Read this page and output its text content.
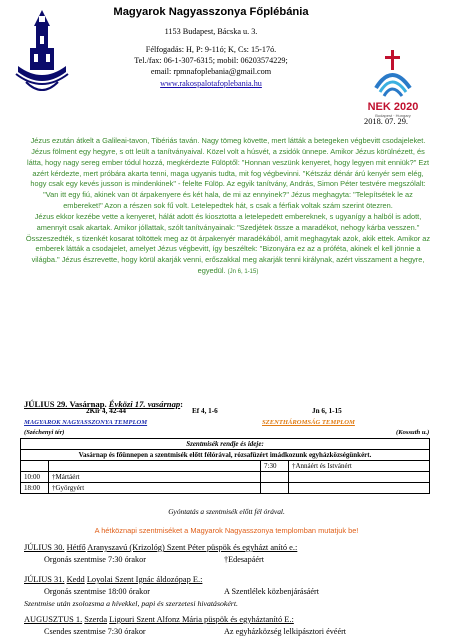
Magyarok Nagyasszonya Főplébánia
1153 Budapest, Bácska u. 3.
Félfogadás: H, P: 9-11ó; K, Cs: 15-17ó.
Tel./fax: 06-1-307-6315; mobil: 06203574229;
email: rpmnafoplebania@gmail.com
www.rakospalotafoplebania.hu
NEK 2020
Budapest · Hungary
2018. 07. 29.
Jézus ezután átkelt a Galileai-tavon, Tibériás taván. Nagy tömeg követte, mert látták a betegeken végbevitt csodajeleket. Jézus fölment egy hegyre, s ott leült a tanítványaival. Közel volt a húsvét, a zsidók ünnepe. Amikor Jézus körülnézett, és látta, hogy nagy sereg ember tódul hozzá, megkérdezte Fülöptől: "Honnan veszünk kenyeret, hogy legyen mit enniük?" Ezt azért kérdezte, mert próbára akarta tenni, maga ugyanis tudta, mit fog végbevinni. "Kétszáz dénár árú kenyér sem elég, hogy csak egy kevés jusson is mindenkinek" - felelte Fülöp. Az egyik tanítvány, András, Simon Péter testvére megszólalt: "Van itt egy fiú, akinek van öt árpakenyere és két hala, de mi az ennyinek?" Jézus meghagyta: "Telepítsétek le az embereket!" Azon a részen sok fű volt. Letelepedtek hát, s csak a férfiak voltak szám szerint ötezren.
Jézus ekkor kezébe vette a kenyeret, hálát adott és kiosztotta a letelepedett embereknek, s ugyanígy a halból is adott, amennyit csak akartak. Amikor jóllattak, szólt tanítványainak: "Szedjétek össze a maradékot, nehogy kárba vesszen." Összeszedték, s tizenkét kosarat töltöttek meg az öt árpakenyér maradékából, amit meghagytak azok, akik ettek. Amikor az emberek látták a csodajelet, amelyet Jézus végbevitt, így beszéltek: "Bizonyára ez az a próféta, akinek el kell jönnie a világba." Jézus észrevette, hogy körül akarják venni, erőszakkal meg akarják tenni királynak, azért visszament a hegyre, egyedül. (Jn 6, 1-15)
JÚLIUS 29. Vasárnap. Évközi 17. vasárnap:
2Kir 4, 42-44	Ef 4, 1-6	Jn 6, 1-15
MAGYAROK NAGYASSZONYA TEMPLOM	SZENTHÁROMSÁG TEMPLOM
(Széchenyi tér)	(Kossuth u.)
Szentmisék rendje és ideje:			
Vasárnap és főünnepen a szentmisék előtt félórával, rózsafüzért imádkozunk egyházközségünkért.			
		7:30	†Annáért és Istvánért
10:00	†Mártáért		
18:00	†Györgyért		
Gyóntatás a szentmisék előtt fél órával.
A hétköznapi szentmiséket a Magyarok Nagyasszonya templomban mutatjuk be!
JÚLIUS 30. Hétfő Aranyszavú (Krizológ) Szent Péter püspök és egyházt anító e.:
Orgonás szentmise 7:30 órakor	†Edesapáért
JÚLIUS 31. Kedd Loyolai Szent Ignác áldozópap E.:
Orgonás szentmise 18:00 órakor	A Szentlélek közbenjárásáért
Szentmise után zsolozsma a hívekkel, papi és szerzetesi hivatásokért.
AUGUSZTUS 1. Szerda Ligouri Szent Alfonz Mária püspök és egyháztanító E.:
Csendes szentmise 7:30 órakor	Az egyházközség lelkipásztori évéért
